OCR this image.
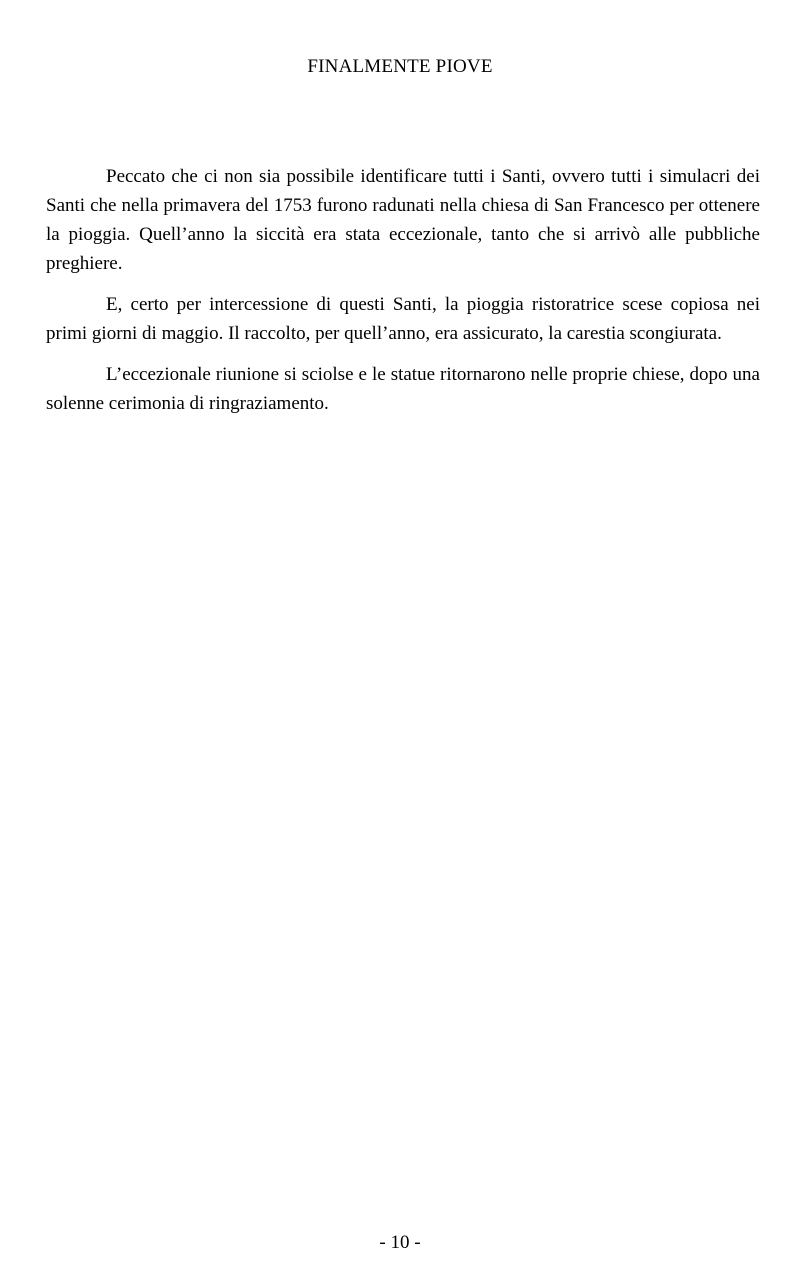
FINALMENTE PIOVE

Peccato che ci non sia possibile identificare tutti i Santi, ovvero tutti i simulacri dei Santi che nella primavera del 1753 furono radunati nella chiesa di San Francesco per ottenere la pioggia. Quell’anno la siccità era stata eccezionale, tanto che si arrivò alle pubbliche preghiere.

E, certo per intercessione di questi Santi, la pioggia ristoratrice scese copiosa nei primi giorni di maggio. Il raccolto, per quell’anno, era assicurato, la carestia scongiurata.

L’eccezionale riunione si sciolse e le statue ritornarono nelle proprie chiese, dopo una solenne cerimonia di ringraziamento.

- 10 -
